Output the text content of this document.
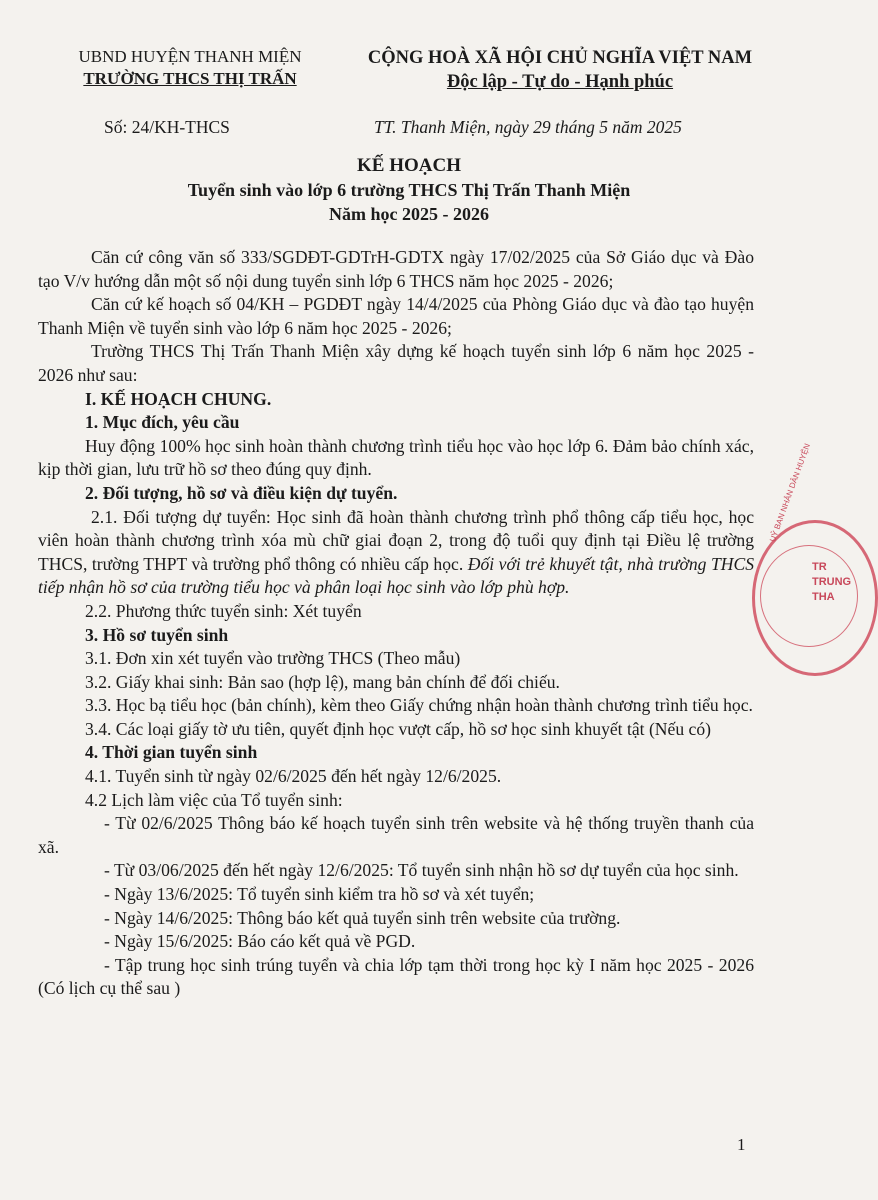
UBND HUYỆN THANH MIỆN
TRƯỜNG THCS THỊ TRẤN
CỘNG HOÀ XÃ HỘI CHỦ NGHĨA VIỆT NAM
Độc lập - Tự do - Hạnh phúc
Số: 24/KH-THCS	TT. Thanh Miện, ngày 29 tháng 5 năm 2025
KẾ HOẠCH
Tuyển sinh vào lớp 6 trường THCS Thị Trấn Thanh Miện
Năm học 2025 - 2026

Căn cứ công văn số 333/SGDĐT-GDTrH-GDTX ngày 17/02/2025 của Sở Giáo dục và Đào tạo V/v hướng dẫn một số nội dung tuyển sinh lớp 6 THCS năm học 2025 - 2026;

Căn cứ kế hoạch số 04/KH – PGDĐT ngày 14/4/2025 của Phòng Giáo dục và đào tạo huyện Thanh Miện về tuyển sinh vào lớp 6 năm học 2025 - 2026;

Trường THCS Thị Trấn Thanh Miện xây dựng kế hoạch tuyển sinh lớp 6 năm học 2025 - 2026 như sau:

I. KẾ HOẠCH CHUNG.

1. Mục đích, yêu cầu

Huy động 100% học sinh hoàn thành chương trình tiểu học vào học lớp 6. Đảm bảo chính xác, kịp thời gian, lưu trữ hồ sơ theo đúng quy định.

2. Đối tượng, hồ sơ và điều kiện dự tuyển.

2.1. Đối tượng dự tuyển: Học sinh đã hoàn thành chương trình phổ thông cấp tiểu học, học viên hoàn thành chương trình xóa mù chữ giai đoạn 2, trong độ tuổi quy định tại Điều lệ trường THCS, trường THPT và trường phổ thông có nhiều cấp học. Đối với trẻ khuyết tật, nhà trường THCS tiếp nhận hồ sơ của trường tiểu học và phân loại học sinh vào lớp phù hợp.

2.2. Phương thức tuyển sinh: Xét tuyển

3. Hồ sơ tuyển sinh

3.1. Đơn xin xét tuyển vào trường THCS (Theo mẫu)

3.2. Giấy khai sinh: Bản sao (hợp lệ), mang bản chính để đối chiếu.

3.3. Học bạ tiểu học (bản chính), kèm theo Giấy chứng nhận hoàn thành chương trình tiểu học.

3.4. Các loại giấy tờ ưu tiên, quyết định học vượt cấp, hồ sơ học sinh khuyết tật (Nếu có)

4. Thời gian tuyển sinh

4.1. Tuyển sinh từ ngày 02/6/2025 đến hết ngày 12/6/2025.

4.2 Lịch làm việc của Tổ tuyển sinh:

- Từ 02/6/2025 Thông báo kế hoạch tuyển sinh trên website và hệ thống truyền thanh của xã.

- Từ 03/06/2025 đến hết ngày 12/6/2025: Tổ tuyển sinh nhận hồ sơ dự tuyển của học sinh.

- Ngày 13/6/2025: Tổ tuyển sinh kiểm tra hồ sơ và xét tuyển;

- Ngày 14/6/2025: Thông báo kết quả tuyển sinh trên website của trường.

- Ngày 15/6/2025: Báo cáo kết quả về PGD.

- Tập trung học sinh trúng tuyển và chia lớp tạm thời trong học kỳ I năm học 2025 - 2026 (Có lịch cụ thể sau )

UỶ BAN NHÂN DÂN HUYỆN
TR
TRUNG
THA
1
